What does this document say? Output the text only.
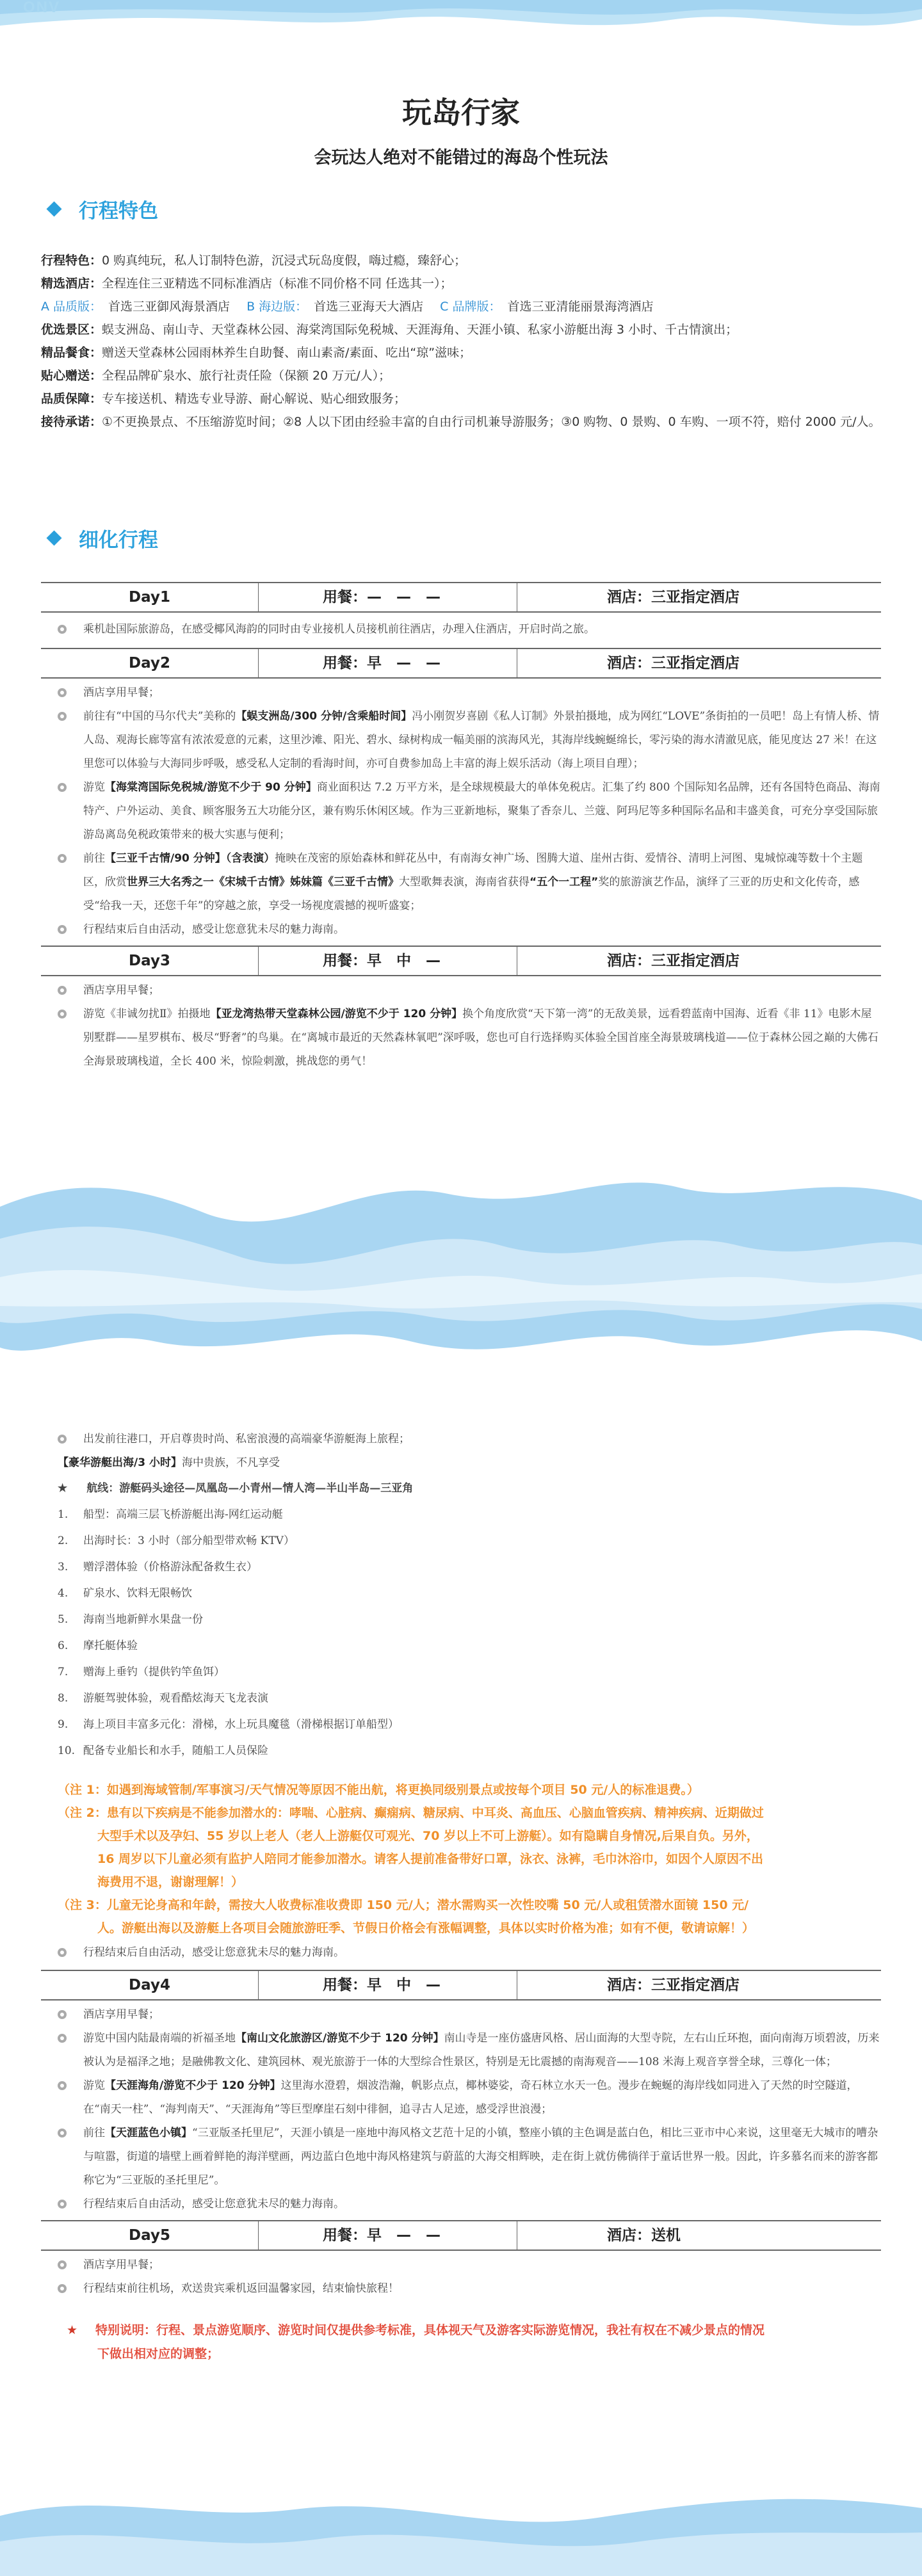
ONV
玩岛行家

会玩达人绝对不能错过的海岛个性玩法

行程特色
行程特色： 0 购真纯玩，私人订制特色游，沉浸式玩岛度假，嗨过瘾，臻舒心；
精选酒店： 全程连住三亚精选不同标准酒店（标准不同价格不同 任选其一）；
A 品质版： 首选三亚御风海景酒店 B 海边版： 首选三亚海天大酒店 C 品牌版： 首选三亚清能丽景海湾酒店
优选景区： 蜈支洲岛、南山寺、天堂森林公园、海棠湾国际免税城、天涯海角、天涯小镇、私家小游艇出海 3 小时、千古情演出；
精品餐食： 赠送天堂森林公园雨林养生自助餐、南山素斋/素面、吃出“琼”滋味；
贴心赠送： 全程品牌矿泉水、旅行社责任险（保额 20 万元/人）；
品质保障： 专车接送机、精选专业导游、耐心解说、贴心细致服务；
接待承诺： ①不更换景点、不压缩游览时间；②8 人以下团由经验丰富的自由行司机兼导游服务；③0 购物、0 景购、0 车购、一项不符，赔付 2000 元/人。
细化行程
Day1	用餐：—　—　—	酒店：三亚指定酒店
乘机赴国际旅游岛，在感受椰风海韵的同时由专业接机人员接机前往酒店，办理入住酒店，开启时尚之旅。
Day2	用餐：早　—　—	酒店：三亚指定酒店
酒店享用早餐；
前往有“中国的马尔代夫”美称的【蜈支洲岛/300 分钟/含乘船时间】冯小刚贺岁喜剧《私人订制》外景拍摄地，成为网红“LOVE”条街拍的一员吧！岛上有情人桥、情人岛、观海长廊等富有浓浓爱意的元素，这里沙滩、阳光、碧水、绿树构成一幅美丽的滨海风光，其海岸线蜿蜒绵长，零污染的海水清澈见底，能见度达 27 米！在这里您可以体验与大海同步呼吸，感受私人定制的看海时间，亦可自费参加岛上丰富的海上娱乐活动（海上项目自理）；
游览【海棠湾国际免税城/游览不少于 90 分钟】商业面积达 7.2 万平方米，是全球规模最大的单体免税店。汇集了约 800 个国际知名品牌，还有各国特色商品、海南特产、户外运动、美食、顾客服务五大功能分区，兼有购乐休闲区域。作为三亚新地标，聚集了香奈儿、兰蔻、阿玛尼等多种国际名品和丰盛美食，可充分享受国际旅游岛离岛免税政策带来的极大实惠与便利；
前往【三亚千古情/90 分钟】（含表演）掩映在茂密的原始森林和鲜花丛中，有南海女神广场、图腾大道、崖州古街、爱情谷、清明上河图、鬼城惊魂等数十个主题区，欣赏世界三大名秀之一《宋城千古情》姊妹篇《三亚千古情》大型歌舞表演，海南省获得“五个一工程”奖的旅游演艺作品，演绎了三亚的历史和文化传奇，感受“给我一天，还您千年”的穿越之旅，享受一场视度震撼的视听盛宴；
行程结束后自由活动，感受让您意犹未尽的魅力海南。
Day3	用餐：早　中　—	酒店：三亚指定酒店
酒店享用早餐；
游览《非诚勿扰Ⅱ》拍摄地【亚龙湾热带天堂森林公园/游览不少于 120 分钟】换个角度欣赏“天下第一湾”的无敌美景，远看碧蓝南中国海、近看《非 11》电影木屋别墅群——星罗棋布、极尽“野奢”的鸟巢。在“离城市最近的天然森林氧吧”深呼吸，您也可自行选择购买体验全国首座全海景玻璃栈道——位于森林公园之巅的大佛石全海景玻璃栈道，全长 400 米，惊险刺激，挑战您的勇气！
出发前往港口，开启尊贵时尚、私密浪漫的高端豪华游艇海上旅程；
【豪华游艇出海/3 小时】海中贵族，不凡享受
★ 航线：游艇码头途径—凤凰岛—小青州—情人湾—半山半岛—三亚角
1.	船型：高端三层飞桥游艇出海-网红运动艇
2.	出海时长：3 小时（部分船型带欢畅 KTV）
3.	赠浮潜体验（价格游泳配备救生衣）
4.	矿泉水、饮料无限畅饮
5.	海南当地新鲜水果盘一份
6.	摩托艇体验
7.	赠海上垂钓（提供钓竿鱼饵）
8.	游艇驾驶体验，观看酷炫海天飞龙表演
9.	海上项目丰富多元化：滑梯，水上玩具魔毯（滑梯根据订单船型）
10. 配备专业船长和水手，随船工人员保险
（注 1：如遇到海域管制/军事演习/天气情况等原因不能出航，将更换同级别景点或按每个项目 50 元/人的标准退费。）
（注 2：患有以下疾病是不能参加潜水的：哮喘、心脏病、癫痫病、糖尿病、中耳炎、高血压、心脑血管疾病、精神疾病、近期做过
大型手术以及孕妇、55 岁以上老人（老人上游艇仅可观光、70 岁以上不可上游艇）。如有隐瞒自身情况,后果自负。另外，
16 周岁以下儿童必须有监护人陪同才能参加潜水。请客人提前准备带好口罩，泳衣、泳裤，毛巾沐浴巾，如因个人原因不出
海费用不退，谢谢理解！）
（注 3：儿童无论身高和年龄，需按大人收费标准收费即 150 元/人；潜水需购买一次性咬嘴 50 元/人或租赁潜水面镜 150 元/
人。游艇出海以及游艇上各项目会随旅游旺季、节假日价格会有涨幅调整，具体以实时价格为准；如有不便，敬请谅解！）
行程结束后自由活动，感受让您意犹未尽的魅力海南。
Day4	用餐：早　中　—	酒店：三亚指定酒店
酒店享用早餐；
游览中国内陆最南端的祈福圣地【南山文化旅游区/游览不少于 120 分钟】南山寺是一座仿盛唐风格、居山面海的大型寺院，左右山丘环抱，面向南海万顷碧波，历来被认为是福泽之地；是融佛教文化、建筑园林、观光旅游于一体的大型综合性景区，特别是无比震撼的南海观音——108 米海上观音享誉全球，三尊化一体；
游览【天涯海角/游览不少于 120 分钟】这里海水澄碧，烟波浩瀚，帆影点点，椰林婆娑，奇石林立水天一色。漫步在蜿蜒的海岸线如同进入了天然的时空隧道，在“南天一柱”、“海判南天”、“天涯海角”等巨型摩崖石刻中徘徊，追寻古人足迹，感受浮世浪漫；
前往【天涯蓝色小镇】“三亚版圣托里尼”，天涯小镇是一座地中海风格文艺范十足的小镇，整座小镇的主色调是蓝白色，相比三亚市中心来说，这里毫无大城市的嘈杂与喧嚣，街道的墙壁上画着鲜艳的海洋壁画，两边蓝白色地中海风格建筑与蔚蓝的大海交相辉映，走在街上就仿佛徜徉于童话世界一般。因此，许多慕名而来的游客都称它为“三亚版的圣托里尼”。
行程结束后自由活动，感受让您意犹未尽的魅力海南。
Day5	用餐：早　—　—	酒店：送机
酒店享用早餐；
行程结束前往机场，欢送贵宾乘机返回温馨家园，结束愉快旅程！
★ 特别说明：行程、景点游览顺序、游览时间仅提供参考标准，具体视天气及游客实际游览情况，我社有权在不减少景点的情况
下做出相对应的调整；
